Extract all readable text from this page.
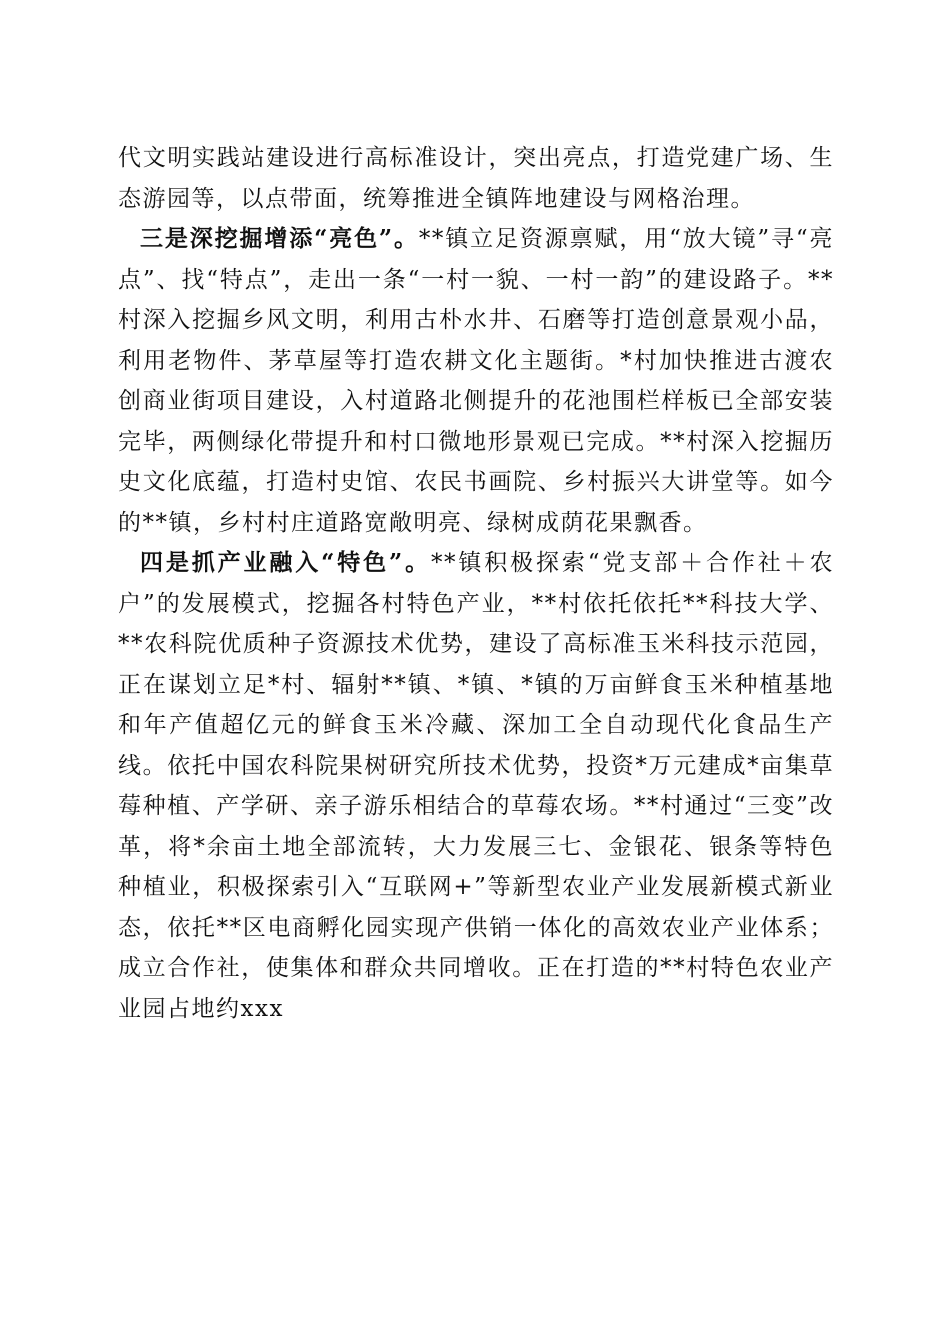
代文明实践站建设进行高标准设计，突出亮点，打造党建广场、生态游园等，以点带面，统筹推进全镇阵地建设与网格治理。

三是深挖掘增添“亮色”。**镇立足资源禀赋，用“放大镜”寻“亮点”、找“特点”，走出一条“一村一貌、一村一韵”的建设路子。**村深入挖掘乡风文明，利用古朴水井、石磨等打造创意景观小品，利用老物件、茅草屋等打造农耕文化主题街。*村加快推进古渡农创商业街项目建设，入村道路北侧提升的花池围栏样板已全部安装完毕，两侧绿化带提升和村口微地形景观已完成。**村深入挖掘历史文化底蕴，打造村史馆、农民书画院、乡村振兴大讲堂等。如今的**镇，乡村村庄道路宽敞明亮、绿树成荫花果飘香。

四是抓产业融入“特色”。**镇积极探索“党支部＋合作社＋农户”的发展模式，挖掘各村特色产业，**村依托依托**科技大学、**农科院优质种子资源技术优势，建设了高标准玉米科技示范园，正在谋划立足*村、辐射**镇、*镇、*镇的万亩鲜食玉米种植基地和年产值超亿元的鲜食玉米冷藏、深加工全自动现代化食品生产线。依托中国农科院果树研究所技术优势，投资*万元建成*亩集草莓种植、产学研、亲子游乐相结合的草莓农场。**村通过“三变”改革，将*余亩土地全部流转，大力发展三七、金银花、银条等特色种植业，积极探索引入“互联网+”等新型农业产业发展新模式新业态，依托**区电商孵化园实现产供销一体化的高效农业产业体系；成立合作社，使集体和群众共同增收。正在打造的**村特色农业产业园占地约xxx
